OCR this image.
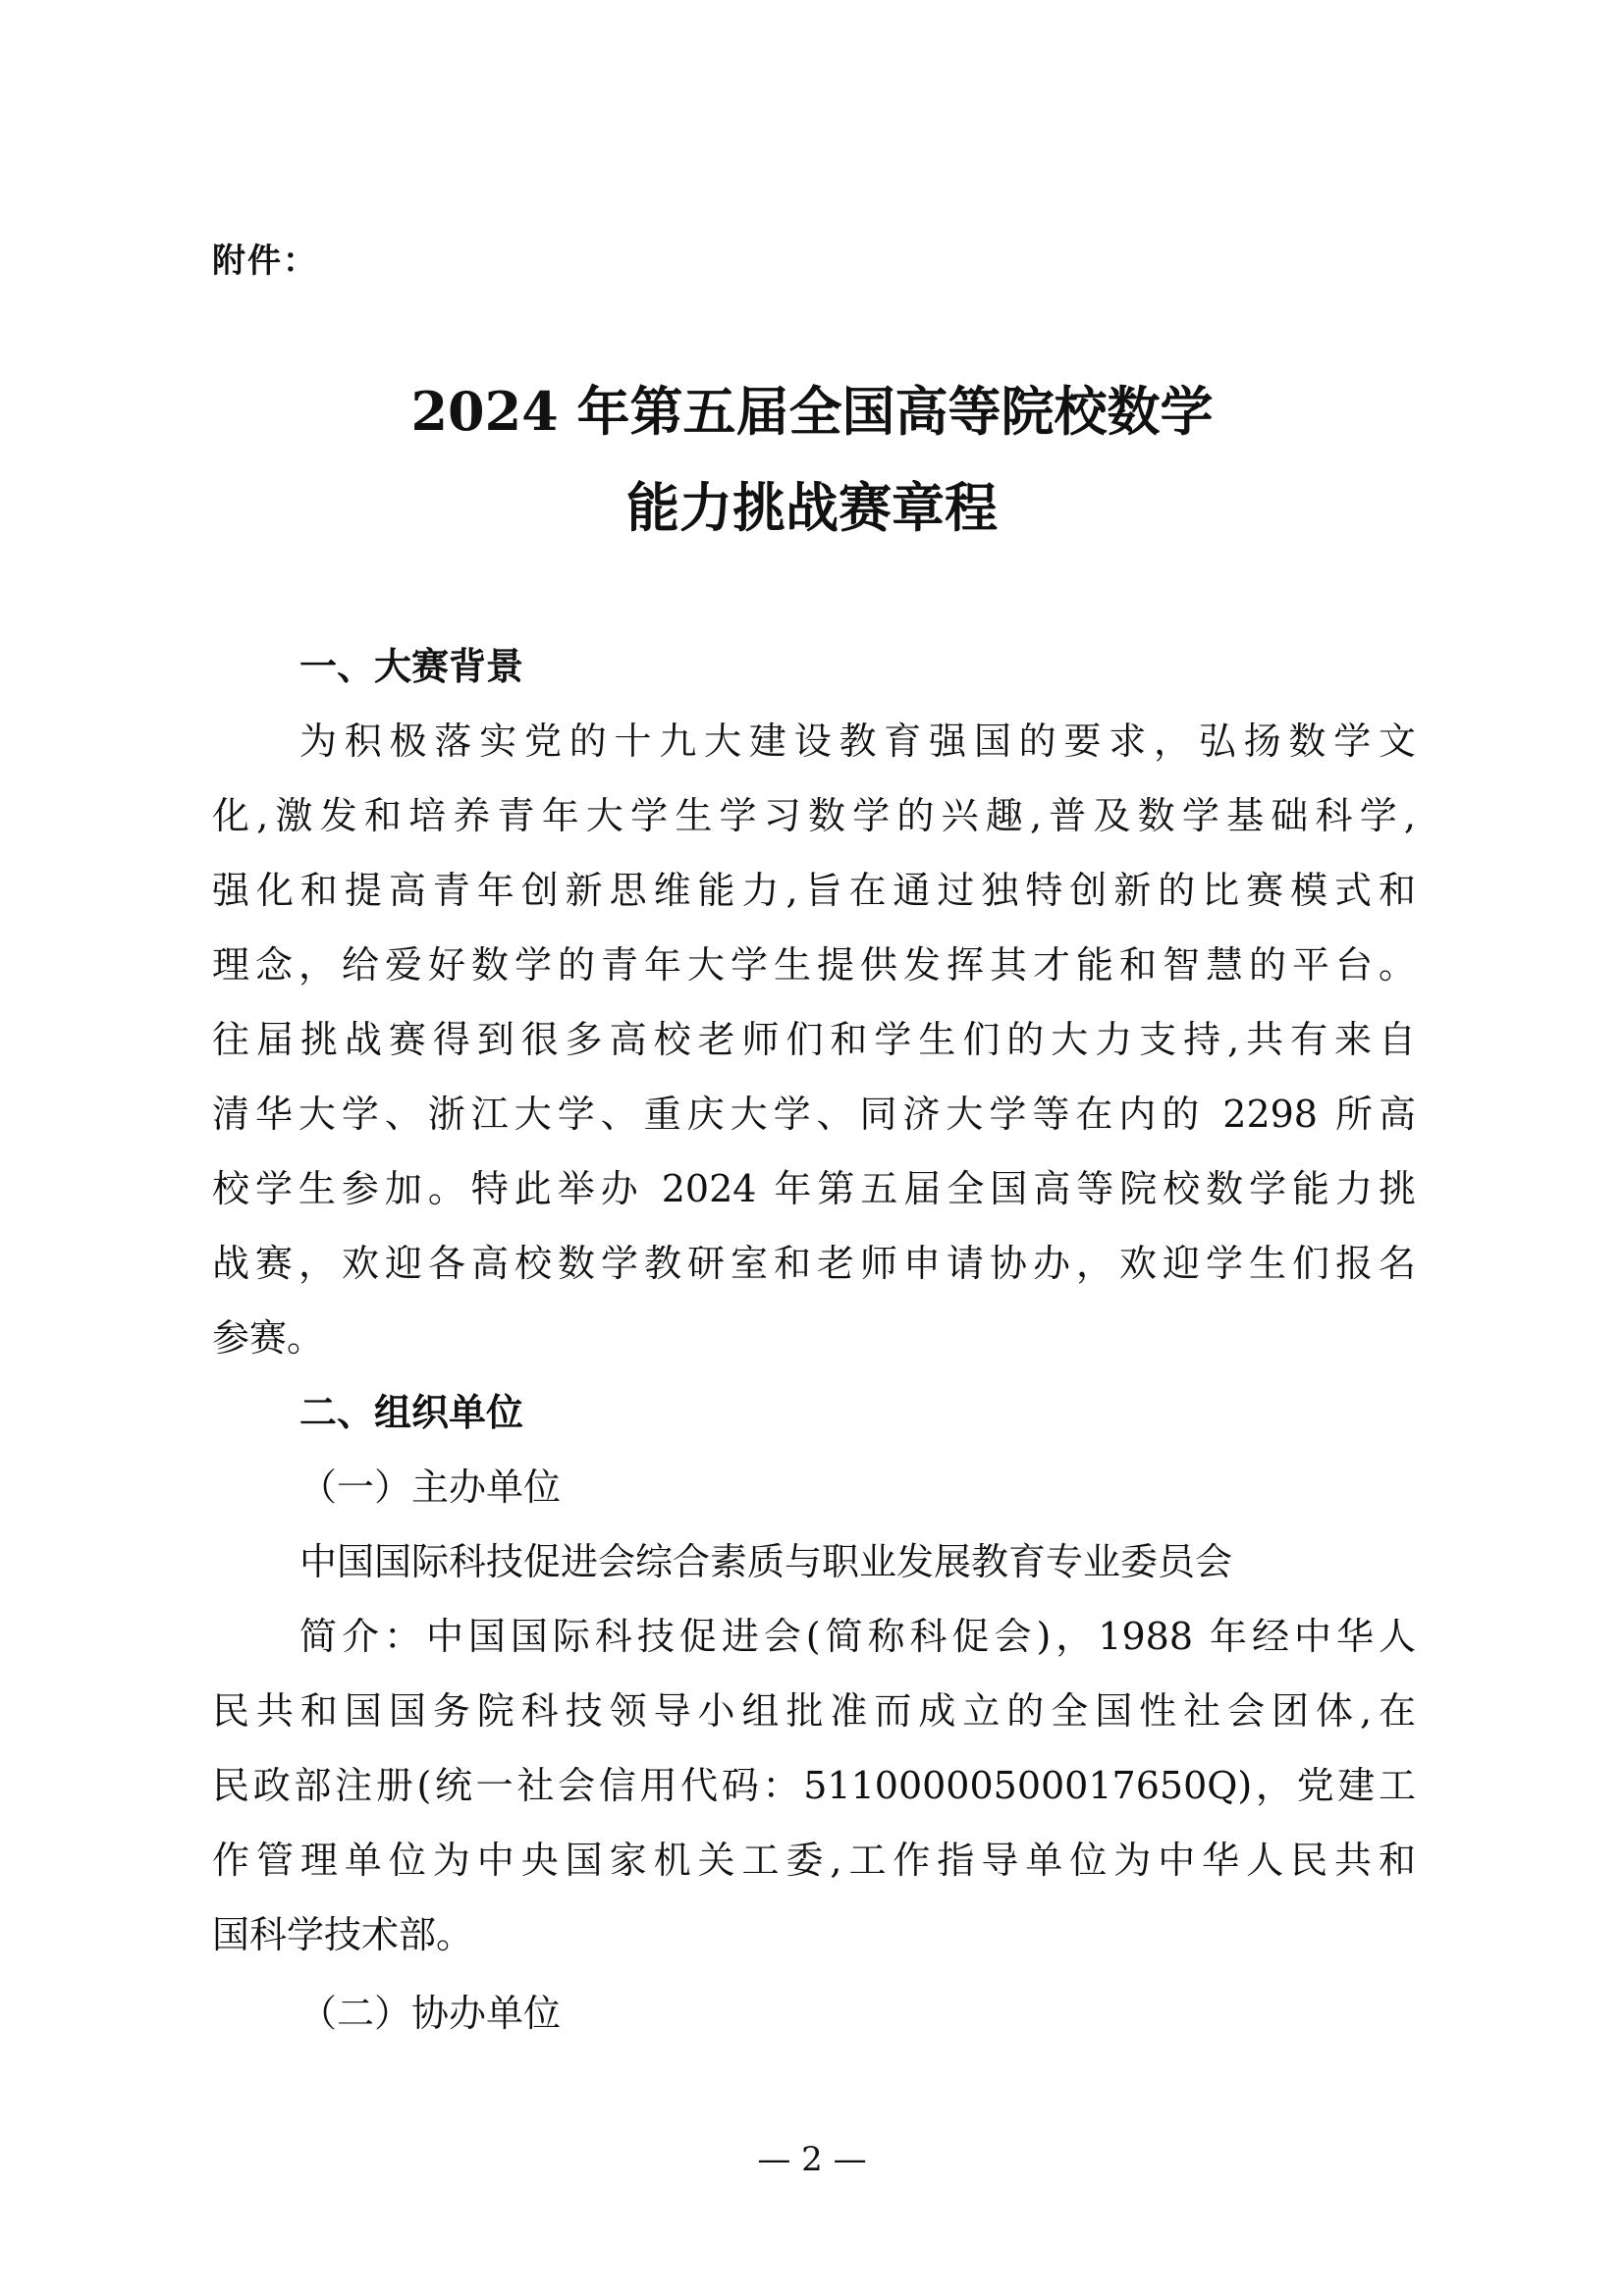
附件：

2024 年第五届全国高等院校数学
能力挑战赛章程
一、大赛背景

为积极落实党的十九大建设教育强国的要求，弘扬数学文

化,激发和培养青年大学生学习数学的兴趣,普及数学基础科学,

强化和提高青年创新思维能力,旨在通过独特创新的比赛模式和

理念，给爱好数学的青年大学生提供发挥其才能和智慧的平台。

往届挑战赛得到很多高校老师们和学生们的大力支持,共有来自

清华大学、浙江大学、重庆大学、同济大学等在内的 2298 所高

校学生参加。特此举办 2024 年第五届全国高等院校数学能力挑

战赛，欢迎各高校数学教研室和老师申请协办，欢迎学生们报名

参赛。

二、组织单位

（一）主办单位

中国国际科技促进会综合素质与职业发展教育专业委员会

简介：中国国际科技促进会(简称科促会)，1988 年经中华人

民共和国国务院科技领导小组批准而成立的全国性社会团体,在

民政部注册(统一社会信用代码：51100000500017650Q)，党建工

作管理单位为中央国家机关工委,工作指导单位为中华人民共和

国科学技术部。

（二）协办单位

— 2 —
